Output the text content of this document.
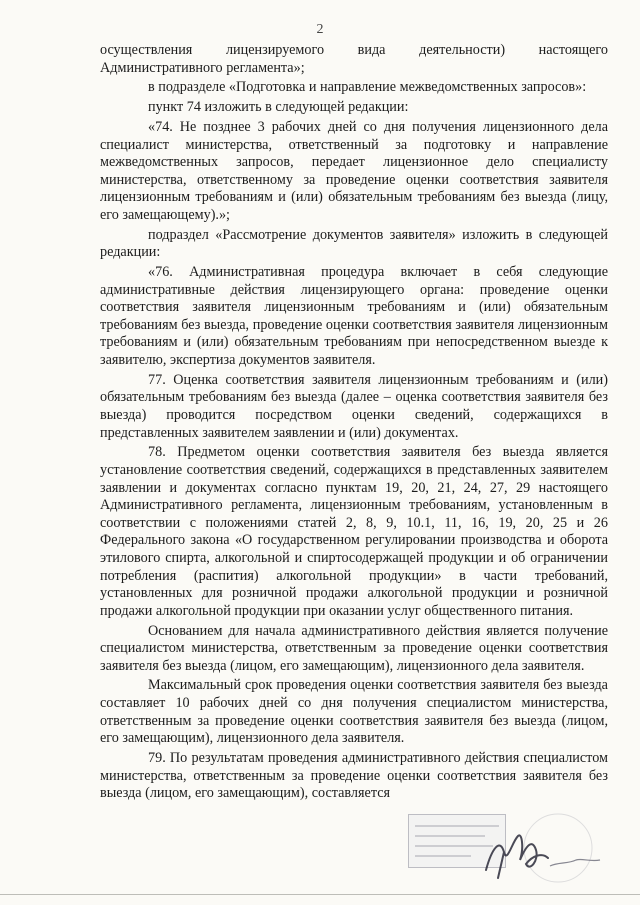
2

осуществления лицензируемого вида деятельности) настоящего Административного регламента»;

в подразделе «Подготовка и направление межведомственных запросов»:

пункт 74 изложить в следующей редакции:

«74. Не позднее 3 рабочих дней со дня получения лицензионного дела специалист министерства, ответственный за подготовку и направление межведомственных запросов, передает лицензионное дело специалисту министерства, ответственному за проведение оценки соответствия заявителя лицензионным требованиям и (или) обязательным требованиям без выезда (лицу, его замещающему).»;

подраздел «Рассмотрение документов заявителя» изложить в следующей редакции:

«76. Административная процедура включает в себя следующие административные действия лицензирующего органа: проведение оценки соответствия заявителя лицензионным требованиям и (или) обязательным требованиям без выезда, проведение оценки соответствия заявителя лицензионным требованиям и (или) обязательным требованиям при непосредственном выезде к заявителю, экспертиза документов заявителя.

77. Оценка соответствия заявителя лицензионным требованиям и (или) обязательным требованиям без выезда (далее – оценка соответствия заявителя без выезда) проводится посредством оценки сведений, содержащихся в представленных заявителем заявлении и (или) документах.

78. Предметом оценки соответствия заявителя без выезда является установление соответствия сведений, содержащихся в представленных заявителем заявлении и документах согласно пунктам 19, 20, 21, 24, 27, 29 настоящего Административного регламента, лицензионным требованиям, установленным в соответствии с положениями статей 2, 8, 9, 10.1, 11, 16, 19, 20, 25 и 26 Федерального закона «О государственном регулировании производства и оборота этилового спирта, алкогольной и спиртосодержащей продукции и об ограничении потребления (распития) алкогольной продукции» в части требований, установленных для розничной продажи алкогольной продукции и розничной продажи алкогольной продукции при оказании услуг общественного питания.

Основанием для начала административного действия является получение специалистом министерства, ответственным за проведение оценки соответствия заявителя без выезда (лицом, его замещающим), лицензионного дела заявителя.

Максимальный срок проведения оценки соответствия заявителя без выезда составляет 10 рабочих дней со дня получения специалистом министерства, ответственным за проведение оценки соответствия заявителя без выезда (лицом, его замещающим), лицензионного дела заявителя.

79. По результатам проведения административного действия специалистом министерства, ответственным за проведение оценки соответствия заявителя без выезда (лицом, его замещающим), составляется
